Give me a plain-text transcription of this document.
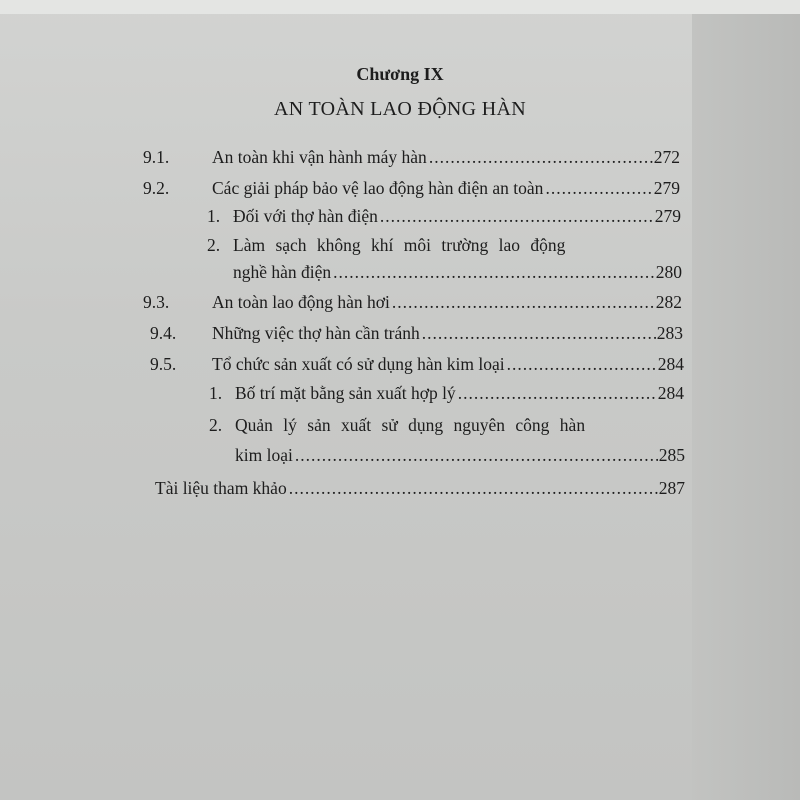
Chương IX
AN TOÀN LAO ĐỘNG HÀN
9.1. An toàn khi vận hành máy hàn .....	272
9.2. Các giải pháp bảo vệ lao động hàn điện an toàn .....	279
1. Đối với thợ hàn điện .....	279
2. Làm sạch không khí môi trường lao động
nghề hàn điện .....	280
9.3. An toàn lao động hàn hơi .....	282
9.4. Những việc thợ hàn cần tránh .....	283
9.5. Tổ chức sản xuất có sử dụng hàn kim loại .....	284
1. Bố trí mặt bằng sản xuất hợp lý .....	284
2. Quản lý sản xuất sử dụng nguyên công hàn
kim loại .....	285
Tài liệu tham khảo .....	287
